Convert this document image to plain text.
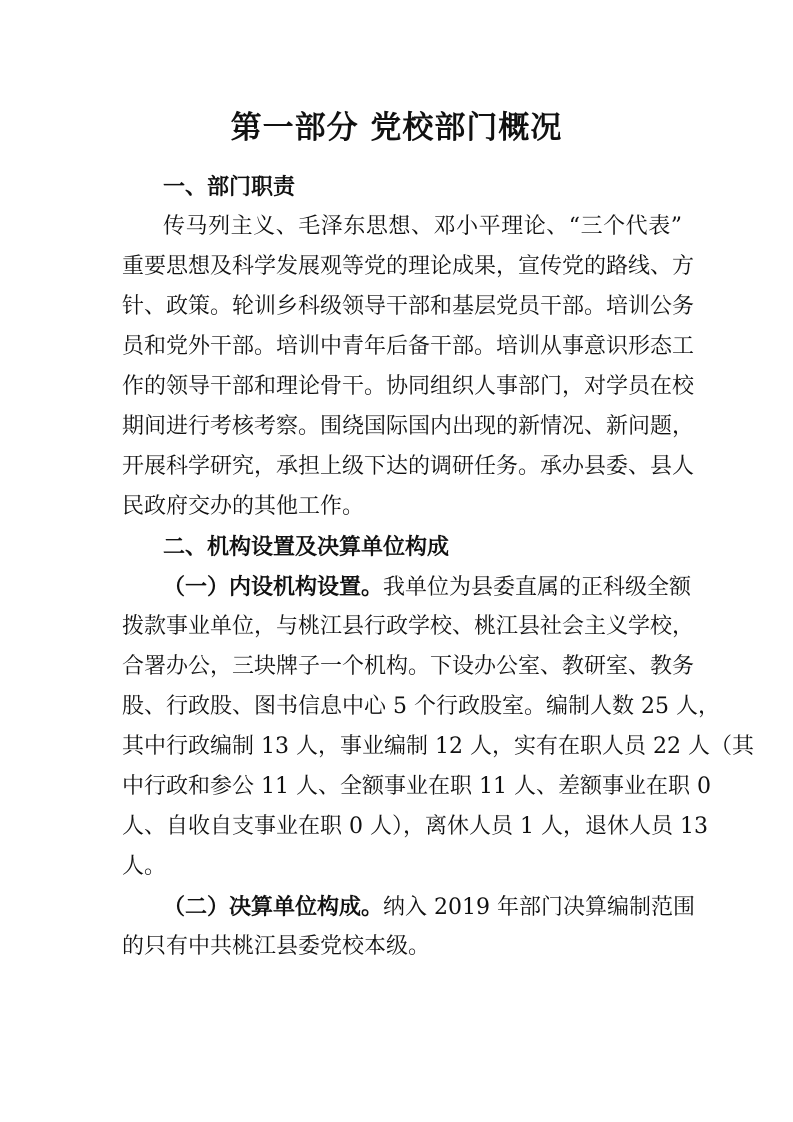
第一部分 党校部门概况
一、部门职责
传马列主义、毛泽东思想、邓小平理论、“三个代表”
重要思想及科学发展观等党的理论成果，宣传党的路线、方
针、政策。轮训乡科级领导干部和基层党员干部。培训公务
员和党外干部。培训中青年后备干部。培训从事意识形态工
作的领导干部和理论骨干。协同组织人事部门，对学员在校
期间进行考核考察。围绕国际国内出现的新情况、新问题，
开展科学研究，承担上级下达的调研任务。承办县委、县人
民政府交办的其他工作。
二、机构设置及决算单位构成
（一）内设机构设置。我单位为县委直属的正科级全额
拨款事业单位，与桃江县行政学校、桃江县社会主义学校，
合署办公，三块牌子一个机构。下设办公室、教研室、教务
股、行政股、图书信息中心 5 个行政股室。编制人数 25 人，
其中行政编制 13 人，事业编制 12 人，实有在职人员 22 人（其
中行政和参公 11 人、全额事业在职 11 人、差额事业在职 0
人、自收自支事业在职 0 人），离休人员 1 人，退休人员 13
人。
（二）决算单位构成。纳入 2019 年部门决算编制范围
的只有中共桃江县委党校本级。
